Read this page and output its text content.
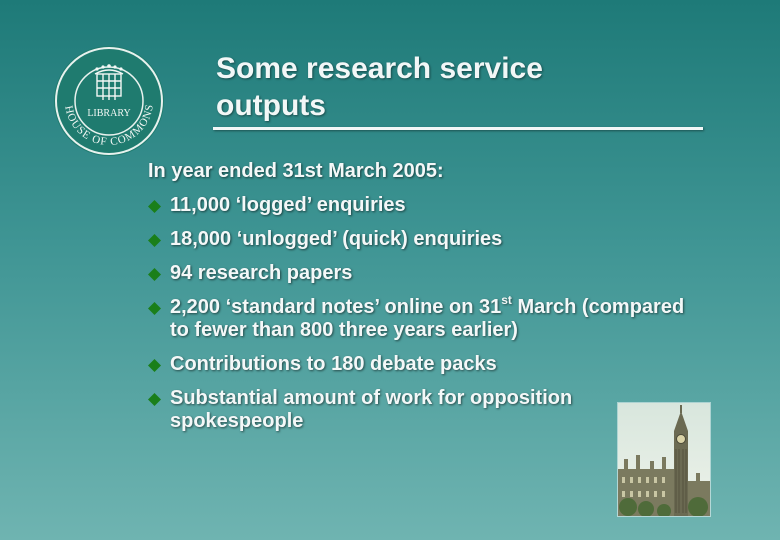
HOUSE OF COMMONS
LIBRARY
Some research service
outputs
In year ended 31st March 2005:
11,000 ‘logged’ enquiries
18,000 ‘unlogged’ (quick) enquiries
94 research papers
2,200 ‘standard notes’ online on 31st March (compared to fewer than 800 three years earlier)
Contributions to 180 debate packs
Substantial amount of work for opposition spokespeople
